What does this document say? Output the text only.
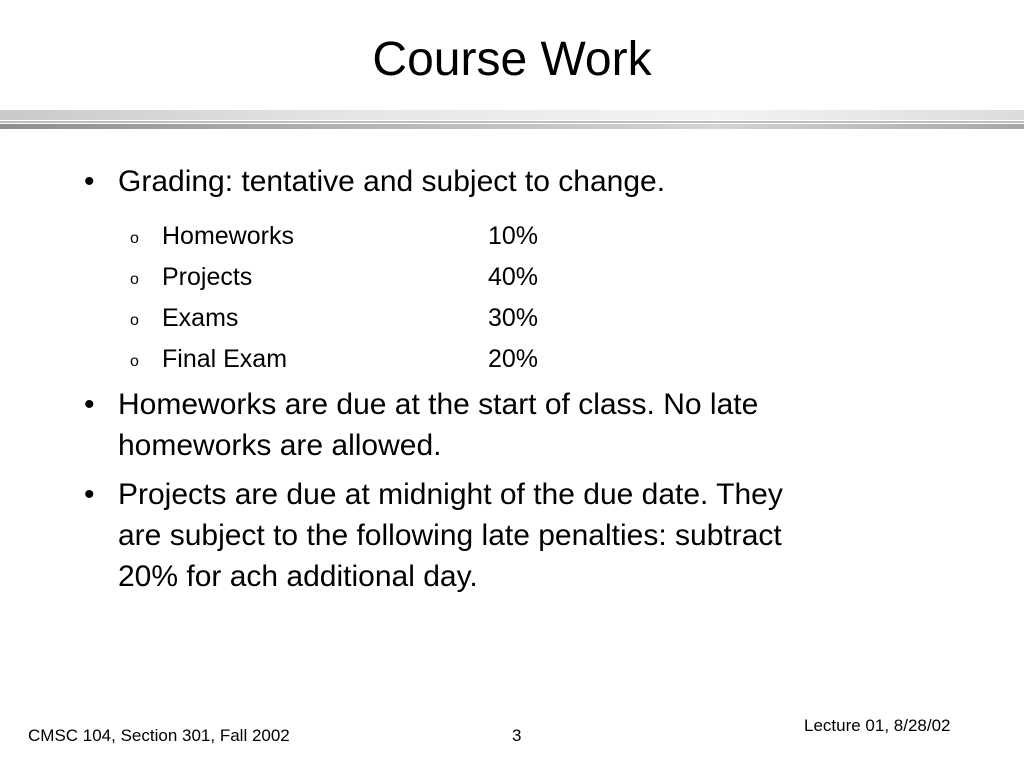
Course Work
• Grading: tentative and subject to change.
o Homeworks	10%
o Projects	40%
o Exams	30%
o Final Exam	20%
• Homeworks are due at the start of class. No late
homeworks are allowed.
• Projects are due at midnight of the due date. They
are subject to the following late penalties: subtract
20% for ach additional day.
CMSC 104, Section 301, Fall 2002	3
Lecture 01, 8/28/02
